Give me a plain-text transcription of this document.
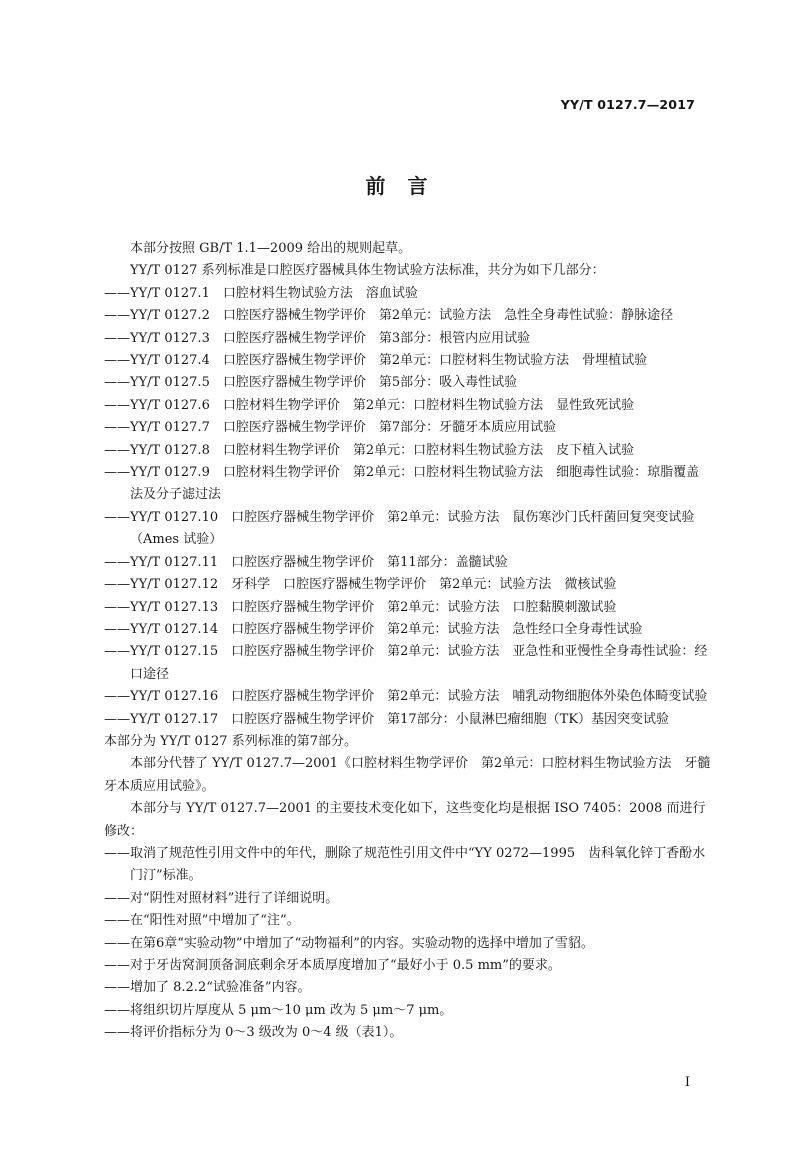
YY/T 0127.7—2017
前言

本部分按照 GB/T 1.1—2009 给出的规则起草。

YY/T 0127 系列标准是口腔医疗器械具体生物试验方法标准，共分为如下几部分：

——YY/T 0127.1　口腔材料生物试验方法　溶血试验

——YY/T 0127.2　口腔医疗器械生物学评价　第2单元：试验方法　急性全身毒性试验：静脉途径

——YY/T 0127.3　口腔医疗器械生物学评价　第3部分：根管内应用试验

——YY/T 0127.4　口腔医疗器械生物学评价　第2单元：口腔材料生物试验方法　骨埋植试验

——YY/T 0127.5　口腔医疗器械生物学评价　第5部分：吸入毒性试验

——YY/T 0127.6　口腔材料生物学评价　第2单元：口腔材料生物试验方法　显性致死试验

——YY/T 0127.7　口腔医疗器械生物学评价　第7部分：牙髓牙本质应用试验

——YY/T 0127.8　口腔材料生物学评价　第2单元：口腔材料生物试验方法　皮下植入试验

——YY/T 0127.9　口腔材料生物学评价　第2单元：口腔材料生物试验方法　细胞毒性试验：琼脂覆盖法及分子滤过法

——YY/T 0127.10　口腔医疗器械生物学评价　第2单元：试验方法　鼠伤寒沙门氏杆菌回复突变试验（Ames 试验）

——YY/T 0127.11　口腔医疗器械生物学评价　第11部分：盖髓试验

——YY/T 0127.12　牙科学　口腔医疗器械生物学评价　第2单元：试验方法　微核试验

——YY/T 0127.13　口腔医疗器械生物学评价　第2单元：试验方法　口腔黏膜刺激试验

——YY/T 0127.14　口腔医疗器械生物学评价　第2单元：试验方法　急性经口全身毒性试验

——YY/T 0127.15　口腔医疗器械生物学评价　第2单元：试验方法　亚急性和亚慢性全身毒性试验：经口途径

——YY/T 0127.16　口腔医疗器械生物学评价　第2单元：试验方法　哺乳动物细胞体外染色体畸变试验

——YY/T 0127.17　口腔医疗器械生物学评价　第17部分：小鼠淋巴瘤细胞（TK）基因突变试验

本部分为 YY/T 0127 系列标准的第7部分。

本部分代替了 YY/T 0127.7—2001《口腔材料生物学评价　第2单元：口腔材料生物试验方法　牙髓牙本质应用试验》。

本部分与 YY/T 0127.7—2001 的主要技术变化如下，这些变化均是根据 ISO 7405：2008 而进行修改：

——取消了规范性引用文件中的年代，删除了规范性引用文件中“YY 0272—1995　齿科氧化锌丁香酚水门汀”标准。

——对“阴性对照材料”进行了详细说明。

——在“阳性对照”中增加了“注”。

——在第6章“实验动物”中增加了“动物福利”的内容。实验动物的选择中增加了雪貂。

——对于牙齿窝洞顶备洞底剩余牙本质厚度增加了“最好小于 0.5 mm”的要求。

——增加了 8.2.2“试验准备”内容。

——将组织切片厚度从 5 μm～10 μm 改为 5 μm～7 μm。

——将评价指标分为 0～3 级改为 0～4 级（表1）。

I
